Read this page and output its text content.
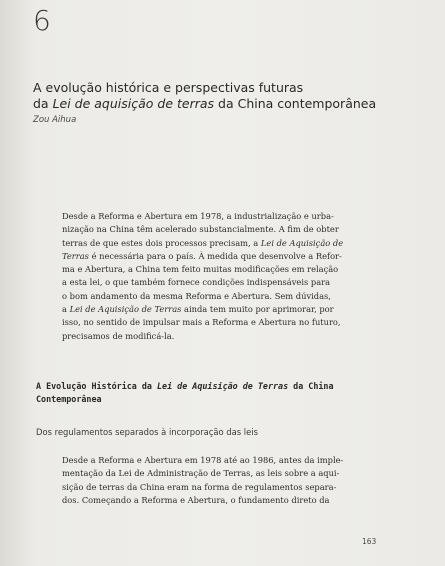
6
A evolução histórica e perspectivas futuras
da Lei de aquisição de terras da China contemporânea
Zou Aihua
Desde a Reforma e Abertura em 1978, a industrialização e urba-
nização na China têm acelerado substancialmente. A fim de obter
terras de que estes dois processos precisam, a Lei de Aquisição de
Terras é necessária para o país. À medida que desenvolve a Refor-
ma e Abertura, a China tem feito muitas modificações em relação
a esta lei, o que também fornece condições indispensáveis para
o bom andamento da mesma Reforma e Abertura. Sem dúvidas,
a Lei de Aquisição de Terras ainda tem muito por aprimorar, por
isso, no sentido de impulsar mais a Reforma e Abertura no futuro,
precisamos de modificá-la.
A Evolução Histórica da Lei de Aquisição de Terras da China
Contemporânea
Dos regulamentos separados à incorporação das leis
Desde a Reforma e Abertura em 1978 até ao 1986, antes da imple-
mentação da Lei de Administração de Terras, as leis sobre a aqui-
sição de terras da China eram na forma de regulamentos separa-
dos. Começando a Reforma e Abertura, o fundamento direto da
163
